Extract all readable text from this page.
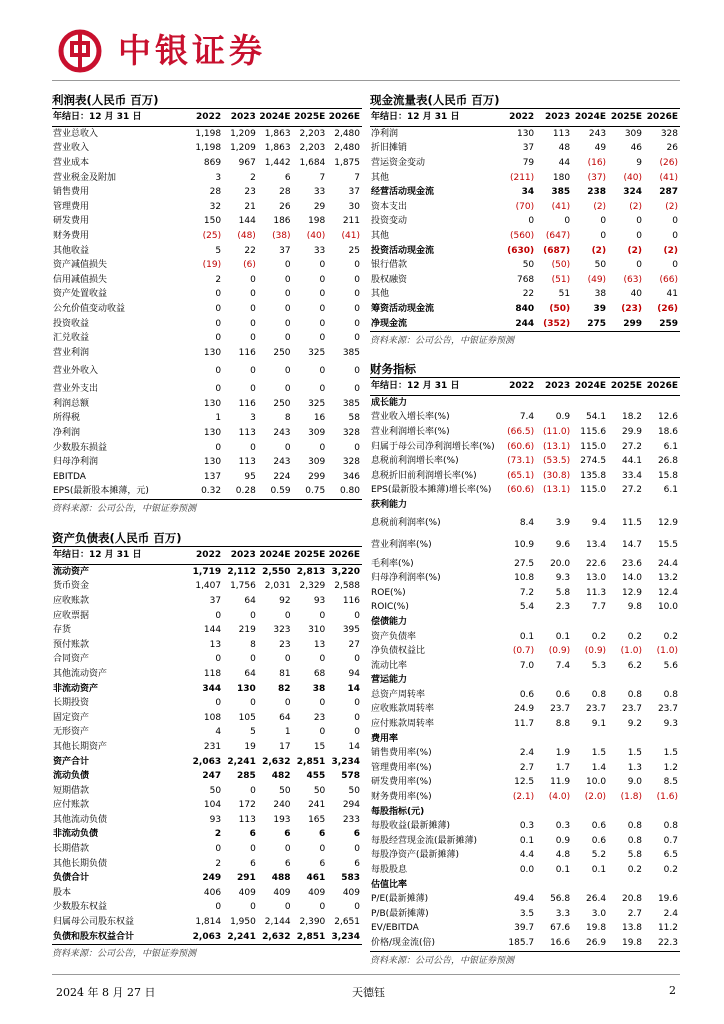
中银证券
利润表(人民币 百万)
年结日：12 月 31 日	2022	2023	2024E	2025E	2026E
营业总收入	1,198	1,209	1,863	2,203	2,480
营业收入	1,198	1,209	1,863	2,203	2,480
营业成本	869	967	1,442	1,684	1,875
营业税金及附加	3	2	6	7	7
销售费用	28	23	28	33	37
管理费用	32	21	26	29	30
研发费用	150	144	186	198	211
财务费用	(25)	(48)	(38)	(40)	(41)
其他收益	5	22	37	33	25
资产减值损失	(19)	(6)	0	0	0
信用减值损失	2	0	0	0	0
资产处置收益	0	0	0	0	0
公允价值变动收益	0	0	0	0	0
投资收益	0	0	0	0	0
汇兑收益	0	0	0	0	0
营业利润	130	116	250	325	385
营业外收入	0	0	0	0	0
营业外支出	0	0	0	0	0
利润总额	130	116	250	325	385
所得税	1	3	8	16	58
净利润	130	113	243	309	328
少数股东损益	0	0	0	0	0
归母净利润	130	113	243	309	328
EBITDA	137	95	224	299	346
EPS(最新股本摊薄，元)	0.32	0.28	0.59	0.75	0.80
资料来源：公司公告，中银证券预测
资产负债表(人民币 百万)
年结日：12 月 31 日	2022	2023	2024E	2025E	2026E
流动资产	1,719	2,112	2,550	2,813	3,220
货币资金	1,407	1,756	2,031	2,329	2,588
应收账款	37	64	92	93	116
应收票据	0	0	0	0	0
存货	144	219	323	310	395
预付账款	13	8	23	13	27
合同资产	0	0	0	0	0
其他流动资产	118	64	81	68	94
非流动资产	344	130	82	38	14
长期投资	0	0	0	0	0
固定资产	108	105	64	23	0
无形资产	4	5	1	0	0
其他长期资产	231	19	17	15	14
资产合计	2,063	2,241	2,632	2,851	3,234
流动负债	247	285	482	455	578
短期借款	50	0	50	50	50
应付账款	104	172	240	241	294
其他流动负债	93	113	193	165	233
非流动负债	2	6	6	6	6
长期借款	0	0	0	0	0
其他长期负债	2	6	6	6	6
负债合计	249	291	488	461	583
股本	406	409	409	409	409
少数股东权益	0	0	0	0	0
归属母公司股东权益	1,814	1,950	2,144	2,390	2,651
负债和股东权益合计	2,063	2,241	2,632	2,851	3,234
资料来源：公司公告，中银证券预测
现金流量表(人民币 百万)
年结日：12 月 31 日	2022	2023	2024E	2025E	2026E
净利润	130	113	243	309	328
折旧摊销	37	48	49	46	26
营运资金变动	79	44	(16)	9	(26)
其他	(211)	180	(37)	(40)	(41)
经营活动现金流	34	385	238	324	287
资本支出	(70)	(41)	(2)	(2)	(2)
投资变动	0	0	0	0	0
其他	(560)	(647)	0	0	0
投资活动现金流	(630)	(687)	(2)	(2)	(2)
银行借款	50	(50)	50	0	0
股权融资	768	(51)	(49)	(63)	(66)
其他	22	51	38	40	41
筹资活动现金流	840	(50)	39	(23)	(26)
净现金流	244	(352)	275	299	259
资料来源：公司公告，中银证券预测
财务指标
年结日：12 月 31 日	2022	2023	2024E	2025E	2026E
成长能力					
营业收入增长率(%)	7.4	0.9	54.1	18.2	12.6
营业利润增长率(%)	(66.5)	(11.0)	115.6	29.9	18.6
归属于母公司净利润增长率(%)	(60.6)	(13.1)	115.0	27.2	6.1
息税前利润增长率(%)	(73.1)	(53.5)	274.5	44.1	26.8
息税折旧前利润增长率(%)	(65.1)	(30.8)	135.8	33.4	15.8
EPS(最新股本摊薄)增长率(%)	(60.6)	(13.1)	115.0	27.2	6.1
获利能力					
息税前利润率(%)	8.4	3.9	9.4	11.5	12.9
营业利润率(%)	10.9	9.6	13.4	14.7	15.5
毛利率(%)	27.5	20.0	22.6	23.6	24.4
归母净利润率(%)	10.8	9.3	13.0	14.0	13.2
ROE(%)	7.2	5.8	11.3	12.9	12.4
ROIC(%)	5.4	2.3	7.7	9.8	10.0
偿债能力					
资产负债率	0.1	0.1	0.2	0.2	0.2
净负债权益比	(0.7)	(0.9)	(0.9)	(1.0)	(1.0)
流动比率	7.0	7.4	5.3	6.2	5.6
营运能力					
总资产周转率	0.6	0.6	0.8	0.8	0.8
应收账款周转率	24.9	23.7	23.7	23.7	23.7
应付账款周转率	11.7	8.8	9.1	9.2	9.3
费用率					
销售费用率(%)	2.4	1.9	1.5	1.5	1.5
管理费用率(%)	2.7	1.7	1.4	1.3	1.2
研发费用率(%)	12.5	11.9	10.0	9.0	8.5
财务费用率(%)	(2.1)	(4.0)	(2.0)	(1.8)	(1.6)
每股指标(元)					
每股收益(最新摊薄)	0.3	0.3	0.6	0.8	0.8
每股经营现金流(最新摊薄)	0.1	0.9	0.6	0.8	0.7
每股净资产(最新摊薄)	4.4	4.8	5.2	5.8	6.5
每股股息	0.0	0.1	0.1	0.2	0.2
估值比率					
P/E(最新摊薄)	49.4	56.8	26.4	20.8	19.6
P/B(最新摊薄)	3.5	3.3	3.0	2.7	2.4
EV/EBITDA	39.7	67.6	19.8	13.8	11.2
价格/现金流(倍)	185.7	16.6	26.9	19.8	22.3
资料来源：公司公告，中银证券预测
2024 年 8 月 27 日	天德钰	2
